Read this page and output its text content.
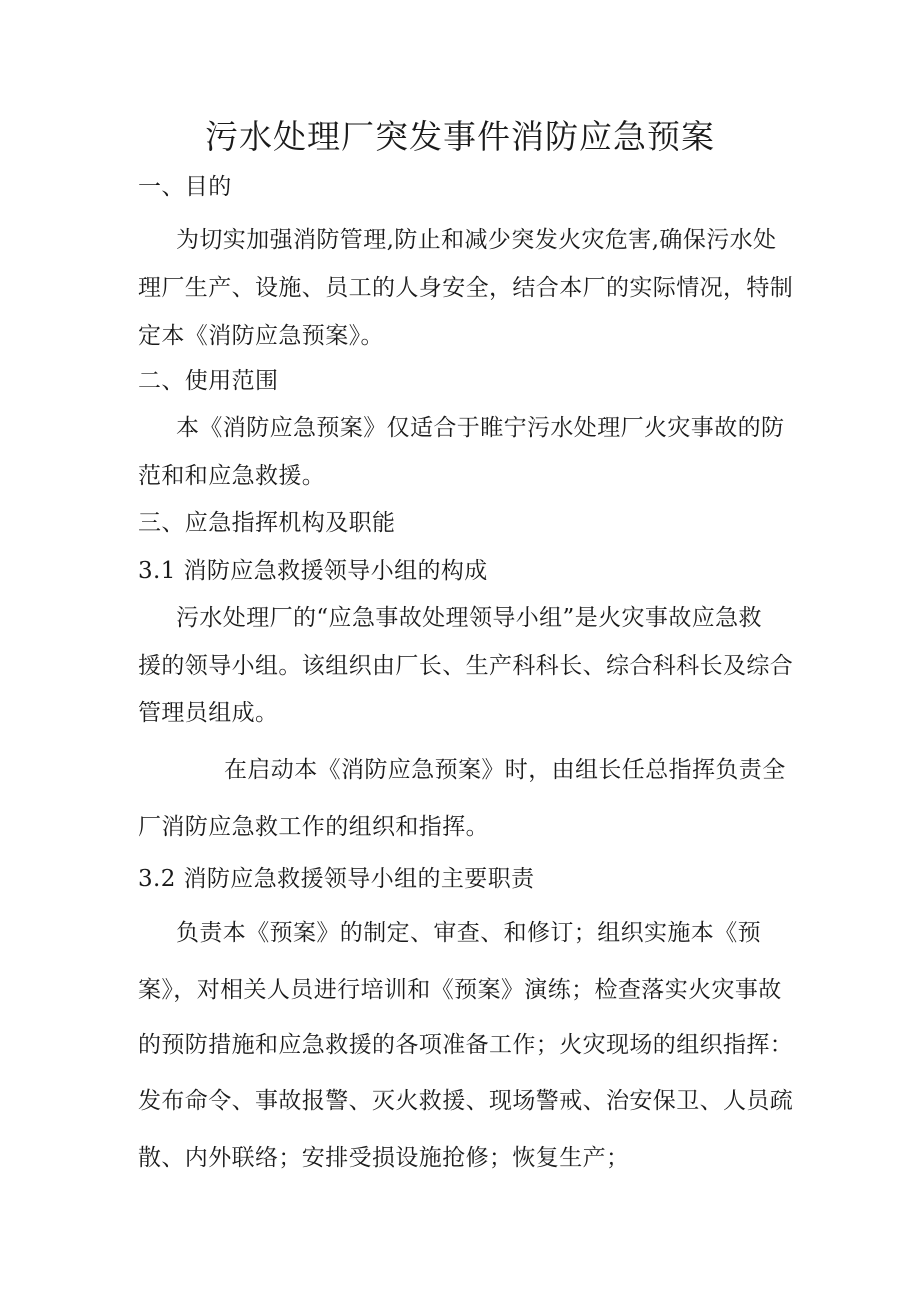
污水处理厂突发事件消防应急预案
一、目的
为切实加强消防管理,防止和减少突发火灾危害,确保污水处
理厂生产、设施、员工的人身安全，结合本厂的实际情况，特制
定本《消防应急预案》。
二、使用范围
本《消防应急预案》仅适合于睢宁污水处理厂火灾事故的防
范和和应急救援。
三、应急指挥机构及职能
3.1 消防应急救援领导小组的构成
污水处理厂的“应急事故处理领导小组”是火灾事故应急救
援的领导小组。该组织由厂长、生产科科长、综合科科长及综合
管理员组成。
在启动本《消防应急预案》时，由组长任总指挥负责全
厂消防应急救工作的组织和指挥。
3.2 消防应急救援领导小组的主要职责
负责本《预案》的制定、审查、和修订；组织实施本《预
案》，对相关人员进行培训和《预案》演练；检查落实火灾事故
的预防措施和应急救援的各项准备工作；火灾现场的组织指挥：
发布命令、事故报警、灭火救援、现场警戒、治安保卫、人员疏
散、内外联络；安排受损设施抢修；恢复生产；
